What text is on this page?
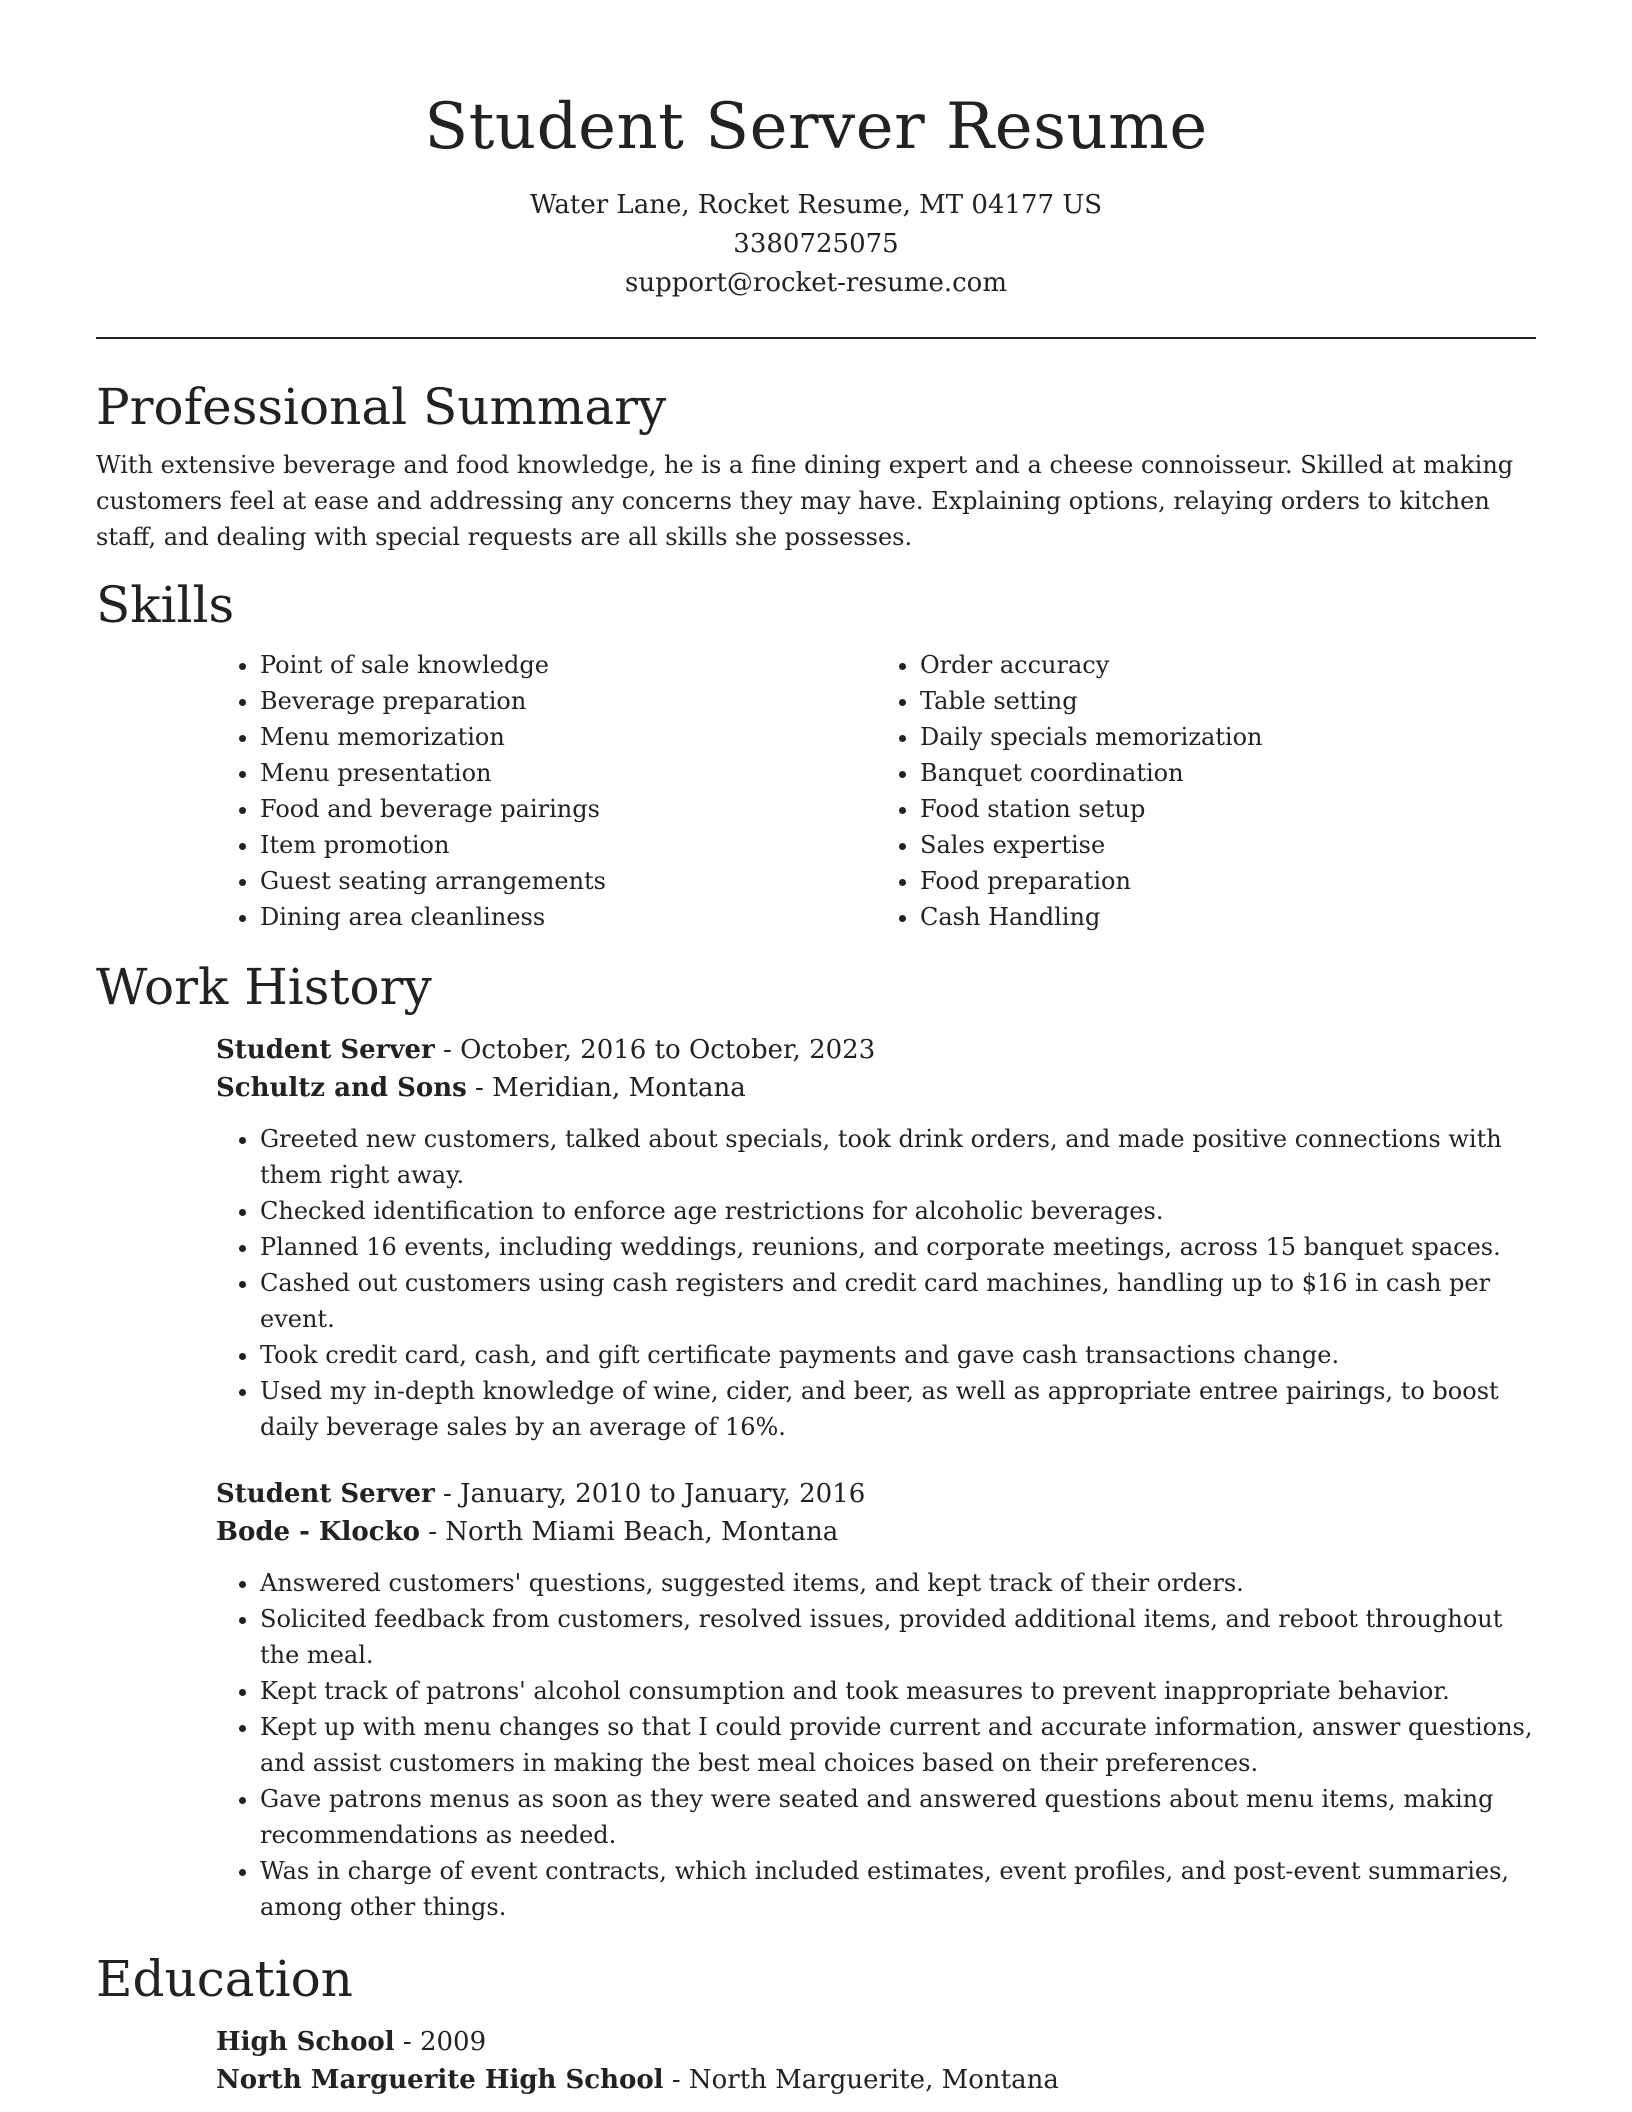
Student Server Resume
Water Lane, Rocket Resume, MT 04177 US
3380725075
support@rocket-resume.com
Professional Summary

With extensive beverage and food knowledge, he is a fine dining expert and a cheese connoisseur. Skilled at making customers feel at ease and addressing any concerns they may have. Explaining options, relaying orders to kitchen staff, and dealing with special requests are all skills she possesses.

Skills
• Point of sale knowledge
• Beverage preparation
• Menu memorization
• Menu presentation
• Food and beverage pairings
• Item promotion
• Guest seating arrangements
• Dining area cleanliness
• Order accuracy
• Table setting
• Daily specials memorization
• Banquet coordination
• Food station setup
• Sales expertise
• Food preparation
• Cash Handling
Work History
Student Server - October, 2016 to October, 2023
Schultz and Sons - Meridian, Montana
• Greeted new customers, talked about specials, took drink orders, and made positive connections with them right away.
• Checked identification to enforce age restrictions for alcoholic beverages.
• Planned 16 events, including weddings, reunions, and corporate meetings, across 15 banquet spaces.
• Cashed out customers using cash registers and credit card machines, handling up to $16 in cash per event.
• Took credit card, cash, and gift certificate payments and gave cash transactions change.
• Used my in-depth knowledge of wine, cider, and beer, as well as appropriate entree pairings, to boost daily beverage sales by an average of 16%.
Student Server - January, 2010 to January, 2016
Bode - Klocko - North Miami Beach, Montana
• Answered customers' questions, suggested items, and kept track of their orders.
• Solicited feedback from customers, resolved issues, provided additional items, and reboot throughout the meal.
• Kept track of patrons' alcohol consumption and took measures to prevent inappropriate behavior.
• Kept up with menu changes so that I could provide current and accurate information, answer questions, and assist customers in making the best meal choices based on their preferences.
• Gave patrons menus as soon as they were seated and answered questions about menu items, making recommendations as needed.
• Was in charge of event contracts, which included estimates, event profiles, and post-event summaries, among other things.
Education
High School - 2009
North Marguerite High School - North Marguerite, Montana
